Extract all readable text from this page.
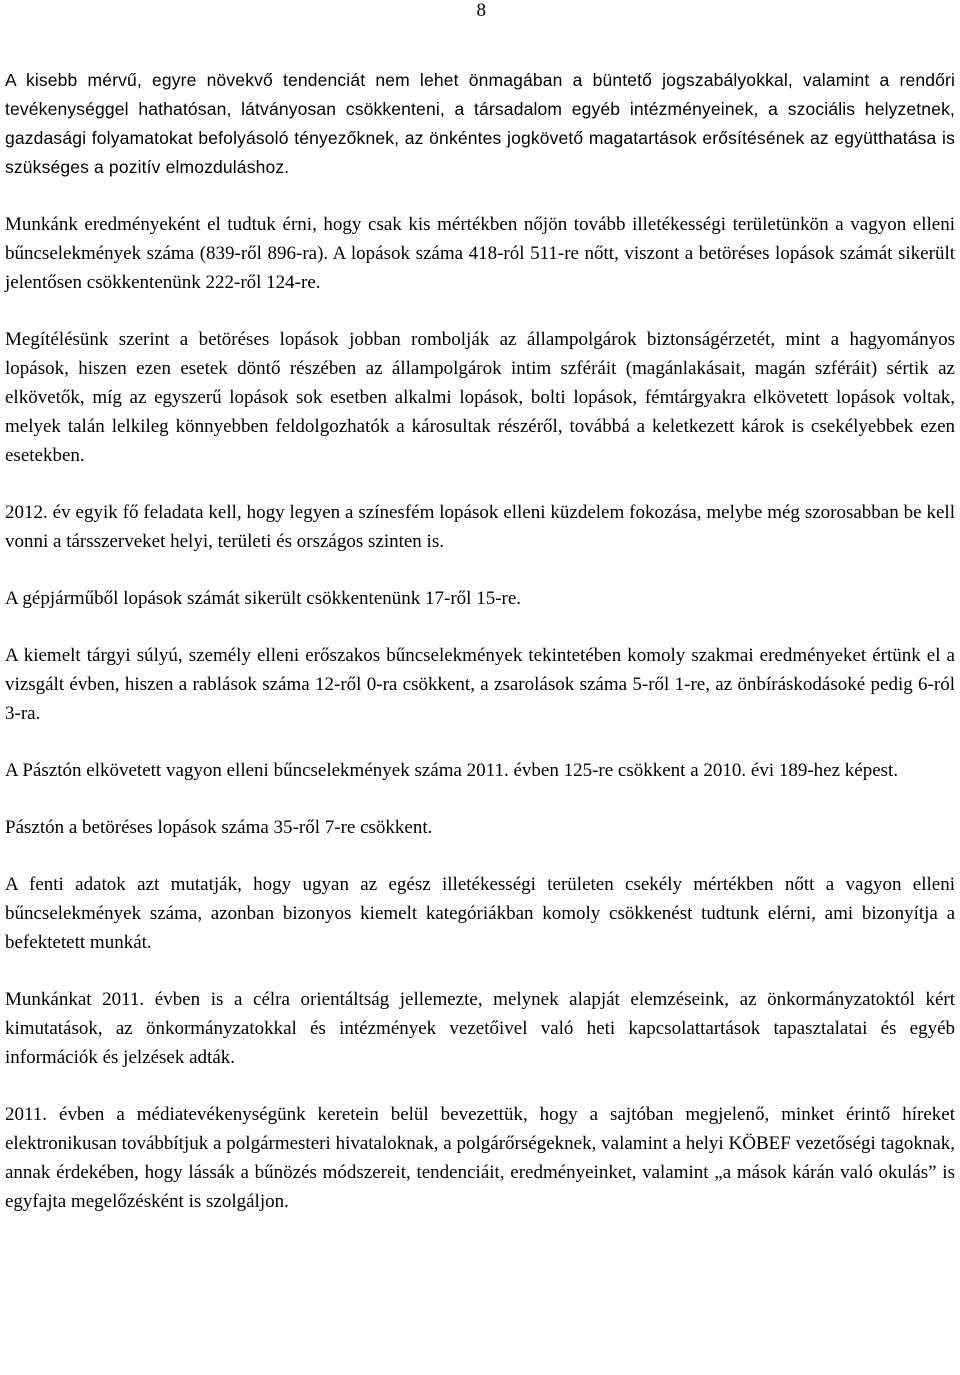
8

A kisebb mérvű, egyre növekvő tendenciát nem lehet önmagában a büntető jogszabályokkal, valamint a rendőri tevékenységgel hathatósan, látványosan csökkenteni, a társadalom egyéb intézményeinek, a szociális helyzetnek, gazdasági folyamatokat befolyásoló tényezőknek, az önkéntes jogkövető magatartások erősítésének az együtthatása is szükséges a pozitív elmozduláshoz.

Munkánk eredményeként el tudtuk érni, hogy csak kis mértékben nőjön tovább illetékességi területünkön a vagyon elleni bűncselekmények száma (839-ről 896-ra). A lopások száma 418-ról 511-re nőtt, viszont a betöréses lopások számát sikerült jelentősen csökkentenünk 222-ről 124-re.

Megítélésünk szerint a betöréses lopások jobban rombolják az állampolgárok biztonságérzetét, mint a hagyományos lopások, hiszen ezen esetek döntő részében az állampolgárok intim szféráit (magánlakásait, magán szféráit) sértik az elkövetők, míg az egyszerű lopások sok esetben alkalmi lopások, bolti lopások, fémtárgyakra elkövetett lopások voltak, melyek talán lelkileg könnyebben feldolgozhatók a károsultak részéről, továbbá a keletkezett károk is csekélyebbek ezen esetekben.

2012. év egyik fő feladata kell, hogy legyen a színesfém lopások elleni küzdelem fokozása, melybe még szorosabban be kell vonni a társszerveket helyi, területi és országos szinten is.

A gépjárműből lopások számát sikerült csökkentenünk 17-ről 15-re.

A kiemelt tárgyi súlyú, személy elleni erőszakos bűncselekmények tekintetében komoly szakmai eredményeket értünk el a vizsgált évben, hiszen a rablások száma 12-ről 0-ra csökkent, a zsarolások száma 5-ről 1-re, az önbíráskodásoké pedig 6-ról 3-ra.

A Pásztón elkövetett vagyon elleni bűncselekmények száma 2011. évben 125-re csökkent a 2010. évi 189-hez képest.

Pásztón a betöréses lopások száma 35-ről 7-re csökkent.

A fenti adatok azt mutatják, hogy ugyan az egész illetékességi területen csekély mértékben nőtt a vagyon elleni bűncselekmények száma, azonban bizonyos kiemelt kategóriákban komoly csökkenést tudtunk elérni, ami bizonyítja a befektetett munkát.

Munkánkat 2011. évben is a célra orientáltság jellemezte, melynek alapját elemzéseink, az önkormányzatoktól kért kimutatások, az önkormányzatokkal és intézmények vezetőivel való heti kapcsolattartások tapasztalatai és egyéb információk és jelzések adták.

2011. évben a médiatevékenységünk keretein belül bevezettük, hogy a sajtóban megjelenő, minket érintő híreket elektronikusan továbbítjuk a polgármesteri hivataloknak, a polgárőrségeknek, valamint a helyi KÖBEF vezetőségi tagoknak, annak érdekében, hogy lássák a bűnözés módszereit, tendenciáit, eredményeinket, valamint „a mások kárán való okulás” is egyfajta megelőzésként is szolgáljon.
